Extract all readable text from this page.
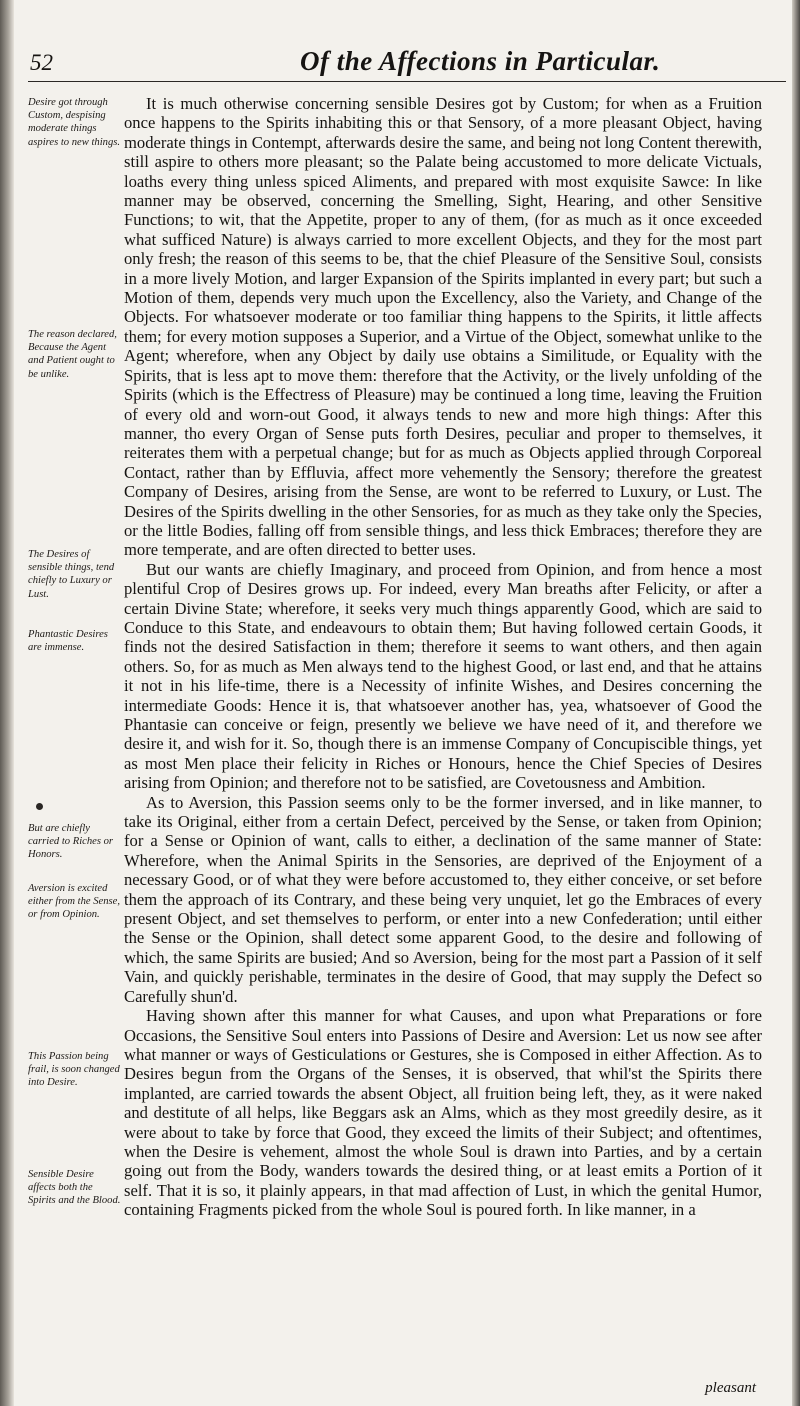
52	Of the Affections in Particular.
Desire got through Custom, despising moderate things aspires to new things.
The reason declared, Because the Agent and Patient ought to be unlike.
The Desires of sensible things, tend chiefly to Luxury or Lust.
Phantastic Desires are immense.
But are chiefly carried to Riches or Honors.
Aversion is excited either from the Sense, or from Opinion.
This Passion being frail, is soon changed into Desire.
Sensible Desire affects both the Spirits and the Blood.

It is much otherwise concerning sensible Desires got by Custom; for when as a Fruition once happens to the Spirits inhabiting this or that Sensory, of a more pleasant Object, having moderate things in Contempt, afterwards desire the same, and being not long Content therewith, still aspire to others more pleasant; so the Palate being accustomed to more delicate Victuals, loaths every thing unless spiced Aliments, and prepared with most exquisite Sawce: In like manner may be observed, concerning the Smelling, Sight, Hearing, and other Sensitive Functions; to wit, that the Appetite, proper to any of them, (for as much as it once exceeded what sufficed Nature) is always carried to more excellent Objects, and they for the most part only fresh; the reason of this seems to be, that the chief Pleasure of the Sensitive Soul, consists in a more lively Motion, and larger Expansion of the Spirits implanted in every part; but such a Motion of them, depends very much upon the Excellency, also the Variety, and Change of the Objects. For whatsoever moderate or too familiar thing happens to the Spirits, it little affects them; for every motion supposes a Superior, and a Virtue of the Object, somewhat unlike to the Agent; wherefore, when any Object by daily use obtains a Similitude, or Equality with the Spirits, that is less apt to move them: therefore that the Activity, or the lively unfolding of the Spirits (which is the Effectress of Pleasure) may be continued a long time, leaving the Fruition of every old and worn-out Good, it always tends to new and more high things: After this manner, tho every Organ of Sense puts forth Desires, peculiar and proper to themselves, it reiterates them with a perpetual change; but for as much as Objects applied through Corporeal Contact, rather than by Effluvia, affect more vehemently the Sensory; therefore the greatest Company of Desires, arising from the Sense, are wont to be referred to Luxury, or Lust. The Desires of the Spirits dwelling in the other Sensories, for as much as they take only the Species, or the little Bodies, falling off from sensible things, and less thick Embraces; therefore they are more temperate, and are often directed to better uses.

But our wants are chiefly Imaginary, and proceed from Opinion, and from hence a most plentiful Crop of Desires grows up. For indeed, every Man breaths after Felicity, or after a certain Divine State; wherefore, it seeks very much things apparently Good, which are said to Conduce to this State, and endeavours to obtain them; But having followed certain Goods, it finds not the desired Satisfaction in them; therefore it seems to want others, and then again others. So, for as much as Men always tend to the highest Good, or last end, and that he attains it not in his life-time, there is a Necessity of infinite Wishes, and Desires concerning the intermediate Goods: Hence it is, that whatsoever another has, yea, whatsoever of Good the Phantasie can conceive or feign, presently we believe we have need of it, and therefore we desire it, and wish for it. So, though there is an immense Company of Concupiscible things, yet as most Men place their felicity in Riches or Honours, hence the Chief Species of Desires arising from Opinion; and therefore not to be satisfied, are Covetousness and Ambition.

As to Aversion, this Passion seems only to be the former inversed, and in like manner, to take its Original, either from a certain Defect, perceived by the Sense, or taken from Opinion; for a Sense or Opinion of want, calls to either, a declination of the same manner of State: Wherefore, when the Animal Spirits in the Sensories, are deprived of the Enjoyment of a necessary Good, or of what they were before accustomed to, they either conceive, or set before them the approach of its Contrary, and these being very unquiet, let go the Embraces of every present Object, and set themselves to perform, or enter into a new Confederation; until either the Sense or the Opinion, shall detect some apparent Good, to the desire and following of which, the same Spirits are busied; And so Aversion, being for the most part a Passion of it self Vain, and quickly perishable, terminates in the desire of Good, that may supply the Defect so Carefully shun'd.

Having shown after this manner for what Causes, and upon what Preparations or fore Occasions, the Sensitive Soul enters into Passions of Desire and Aversion: Let us now see after what manner or ways of Gesticulations or Gestures, she is Composed in either Affection. As to Desires begun from the Organs of the Senses, it is observed, that whil'st the Spirits there implanted, are carried towards the absent Object, all fruition being left, they, as it were naked and destitute of all helps, like Beggars ask an Alms, which as they most greedily desire, as it were about to take by force that Good, they exceed the limits of their Subject; and oftentimes, when the Desire is vehement, almost the whole Soul is drawn into Parties, and by a certain going out from the Body, wanders towards the desired thing, or at least emits a Portion of it self. That it is so, it plainly appears, in that mad affection of Lust, in which the genital Humor, containing Fragments picked from the whole Soul is poured forth. In like manner, in a

pleasant
